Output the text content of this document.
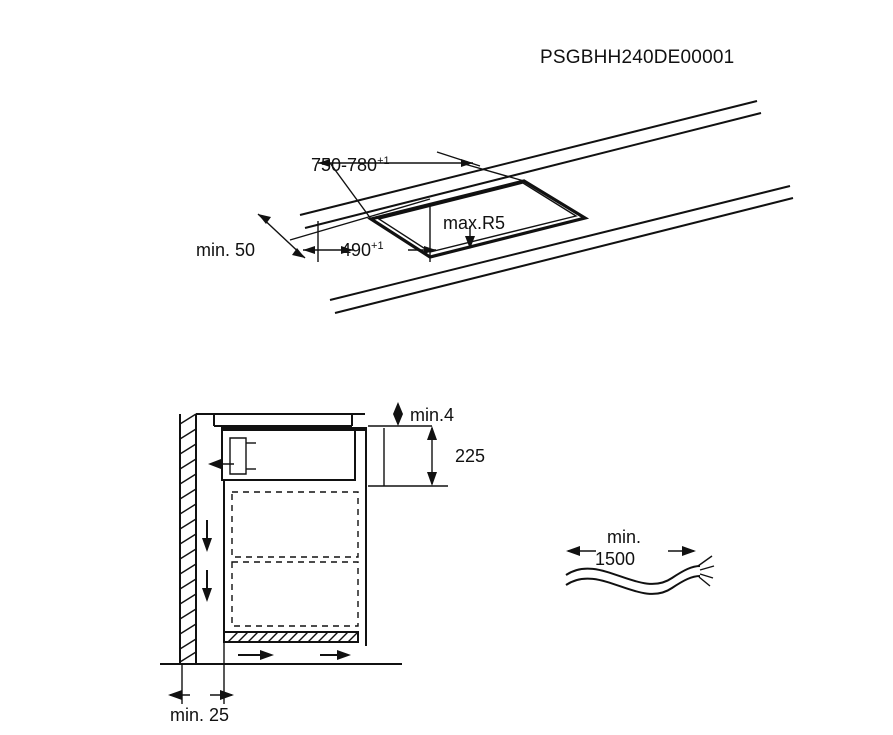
PSGBHH240DE00001
$750-780^{+1}$
min. 50	$490^{+1}$
max.R5
min.4
225
min. 25
min.
1500
